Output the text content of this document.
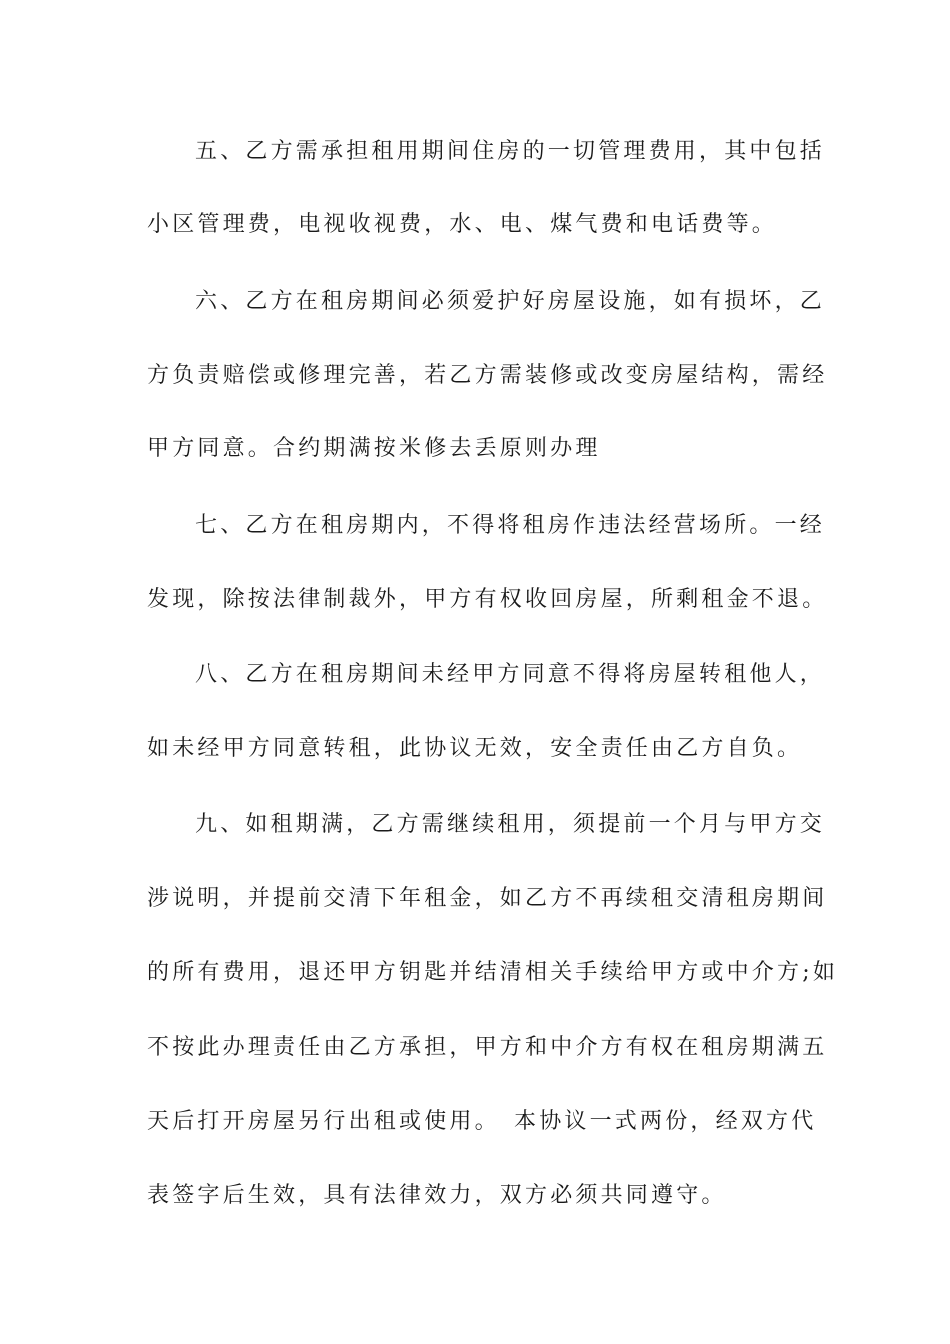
五、乙方需承担租用期间住房的一切管理费用，其中包括
小区管理费，电视收视费，水、电、煤气费和电话费等。
六、乙方在租房期间必须爱护好房屋设施，如有损坏，乙
方负责赔偿或修理完善，若乙方需装修或改变房屋结构，需经
甲方同意。合约期满按米修去丢原则办理
七、乙方在租房期内，不得将租房作违法经营场所。一经
发现，除按法律制裁外，甲方有权收回房屋，所剩租金不退。
八、乙方在租房期间未经甲方同意不得将房屋转租他人，
如未经甲方同意转租，此协议无效，安全责任由乙方自负。
九、如租期满，乙方需继续租用，须提前一个月与甲方交
涉说明，并提前交清下年租金，如乙方不再续租交清租房期间
的所有费用，退还甲方钥匙并结清相关手续给甲方或中介方;如
不按此办理责任由乙方承担，甲方和中介方有权在租房期满五
天后打开房屋另行出租或使用。　本协议一式两份，经双方代
表签字后生效，具有法律效力，双方必须共同遵守。
